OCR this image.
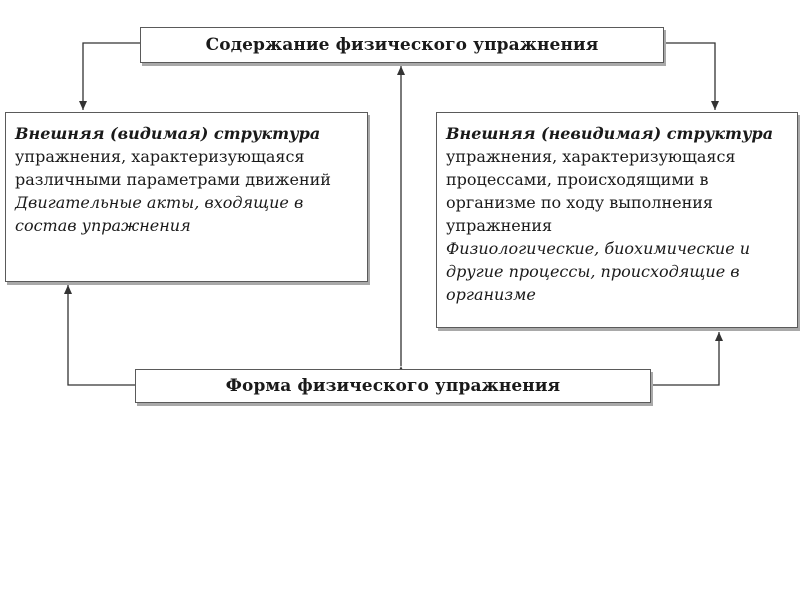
Содержание физического упражнения

Внешняя (видимая) структура упражнения, характеризующаяся различными параметрами движений

Двигательные акты, входящие в состав упражнения

Внешняя (невидимая) структура упражнения, характеризующаяся процессами, происходящими в организме по ходу выполнения упражнения

Физиологические, биохимические и другие процессы, происходящие в организме

Форма физического упражнения
